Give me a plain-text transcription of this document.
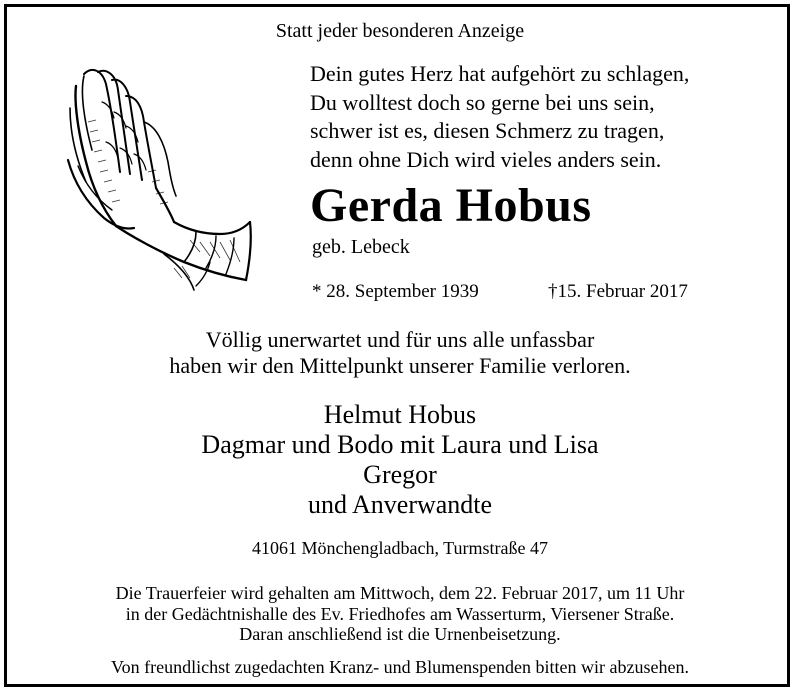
Statt jeder besonderen Anzeige
Dein gutes Herz hat aufgehört zu schlagen,
Du wolltest doch so gerne bei uns sein,
schwer ist es, diesen Schmerz zu tragen,
denn ohne Dich wird vieles anders sein.
Gerda Hobus
geb. Lebeck
* 28. September 1939	†15. Februar 2017
Völlig unerwartet und für uns alle unfassbar
haben wir den Mittelpunkt unserer Familie verloren.
Helmut Hobus
Dagmar und Bodo mit Laura und Lisa
Gregor
und Anverwandte
41061 Mönchengladbach, Turmstraße 47
Die Trauerfeier wird gehalten am Mittwoch, dem 22. Februar 2017, um 11 Uhr
in der Gedächtnishalle des Ev. Friedhofes am Wasserturm, Viersener Straße.
Daran anschließend ist die Urnenbeisetzung.
Von freundlichst zugedachten Kranz- und Blumenspenden bitten wir abzusehen.
